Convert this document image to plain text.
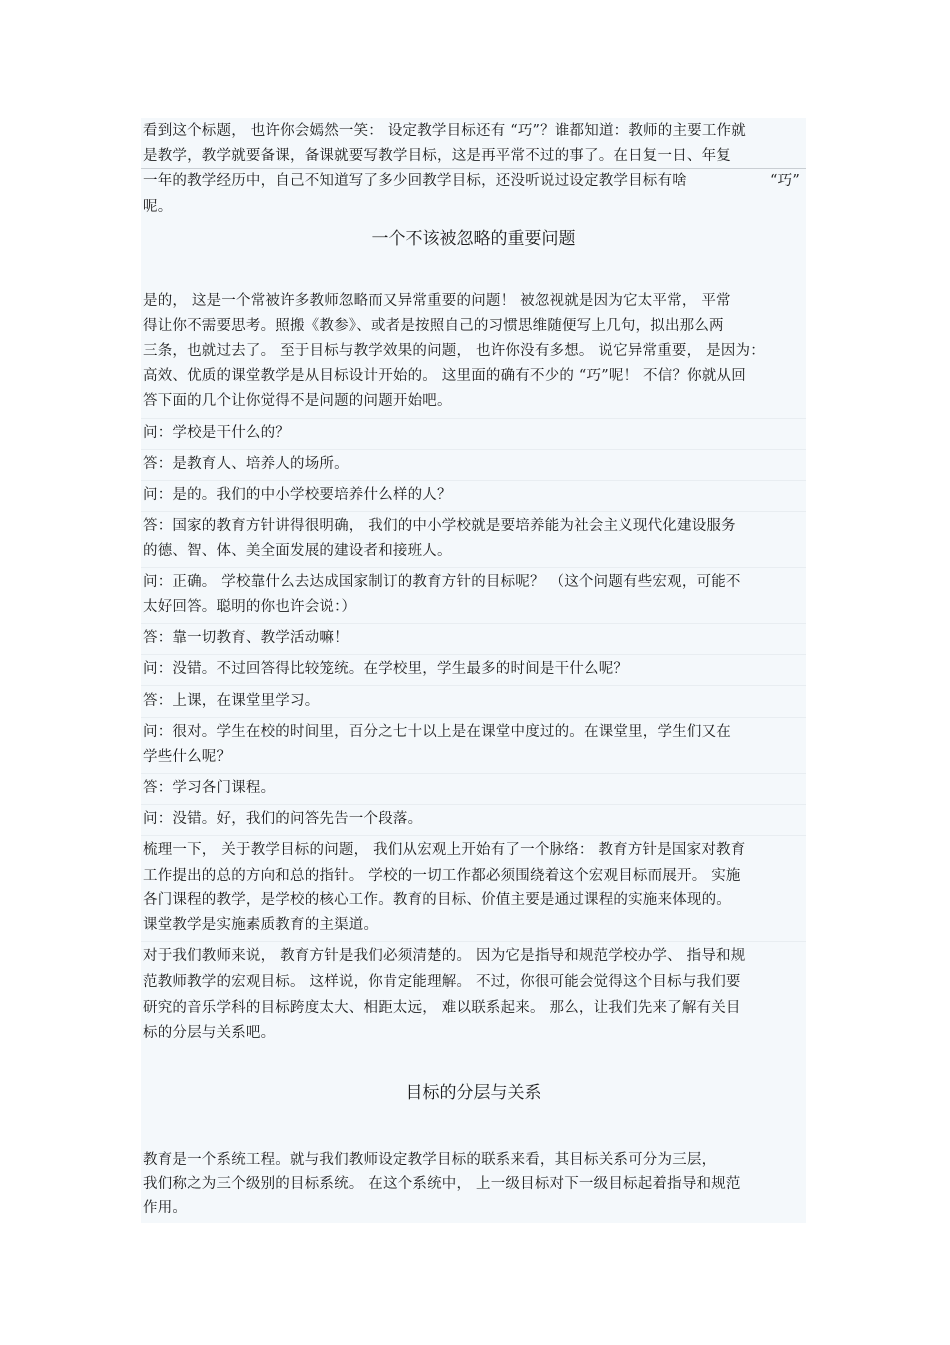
看到这个标题， 也许你会嫣然一笑： 设定教学目标还有 “巧”？谁都知道：教师的主要工作就
是教学，教学就要备课，备课就要写教学目标，这是再平常不过的事了。在日复一日、年复
一年的教学经历中，自己不知道写了多少回教学目标，还没听说过设定教学目标有啥	“巧”
呢。
一个不该被忽略的重要问题
是的， 这是一个常被许多教师忽略而又异常重要的问题！ 被忽视就是因为它太平常， 平常
得让你不需要思考。照搬《教参》、或者是按照自己的习惯思维随便写上几句，拟出那么两
三条，也就过去了。 至于目标与教学效果的问题， 也许你没有多想。 说它异常重要， 是因为：
高效、优质的课堂教学是从目标设计开始的。 这里面的确有不少的 “巧”呢！ 不信？你就从回
答下面的几个让你觉得不是问题的问题开始吧。
问：学校是干什么的？
答：是教育人、培养人的场所。
问：是的。我们的中小学校要培养什么样的人？
答：国家的教育方针讲得很明确， 我们的中小学校就是要培养能为社会主义现代化建设服务
的德、智、体、美全面发展的建设者和接班人。
问：正确。 学校靠什么去达成国家制订的教育方针的目标呢？ （这个问题有些宏观，可能不
太好回答。聪明的你也许会说：）
答：靠一切教育、教学活动嘛！
问：没错。不过回答得比较笼统。在学校里，学生最多的时间是干什么呢？
答：上课，在课堂里学习。
问：很对。学生在校的时间里，百分之七十以上是在课堂中度过的。在课堂里，学生们又在
学些什么呢？
答：学习各门课程。
问：没错。好，我们的问答先告一个段落。
梳理一下， 关于教学目标的问题， 我们从宏观上开始有了一个脉络： 教育方针是国家对教育
工作提出的总的方向和总的指针。 学校的一切工作都必须围绕着这个宏观目标而展开。 实施
各门课程的教学，是学校的核心工作。教育的目标、价值主要是通过课程的实施来体现的。
课堂教学是实施素质教育的主渠道。
对于我们教师来说， 教育方针是我们必须清楚的。 因为它是指导和规范学校办学、 指导和规
范教师教学的宏观目标。 这样说，你肯定能理解。 不过，你很可能会觉得这个目标与我们要
研究的音乐学科的目标跨度太大、相距太远， 难以联系起来。 那么，让我们先来了解有关目
标的分层与关系吧。
目标的分层与关系
教育是一个系统工程。就与我们教师设定教学目标的联系来看，其目标关系可分为三层，
我们称之为三个级别的目标系统。 在这个系统中， 上一级目标对下一级目标起着指导和规范
作用。
